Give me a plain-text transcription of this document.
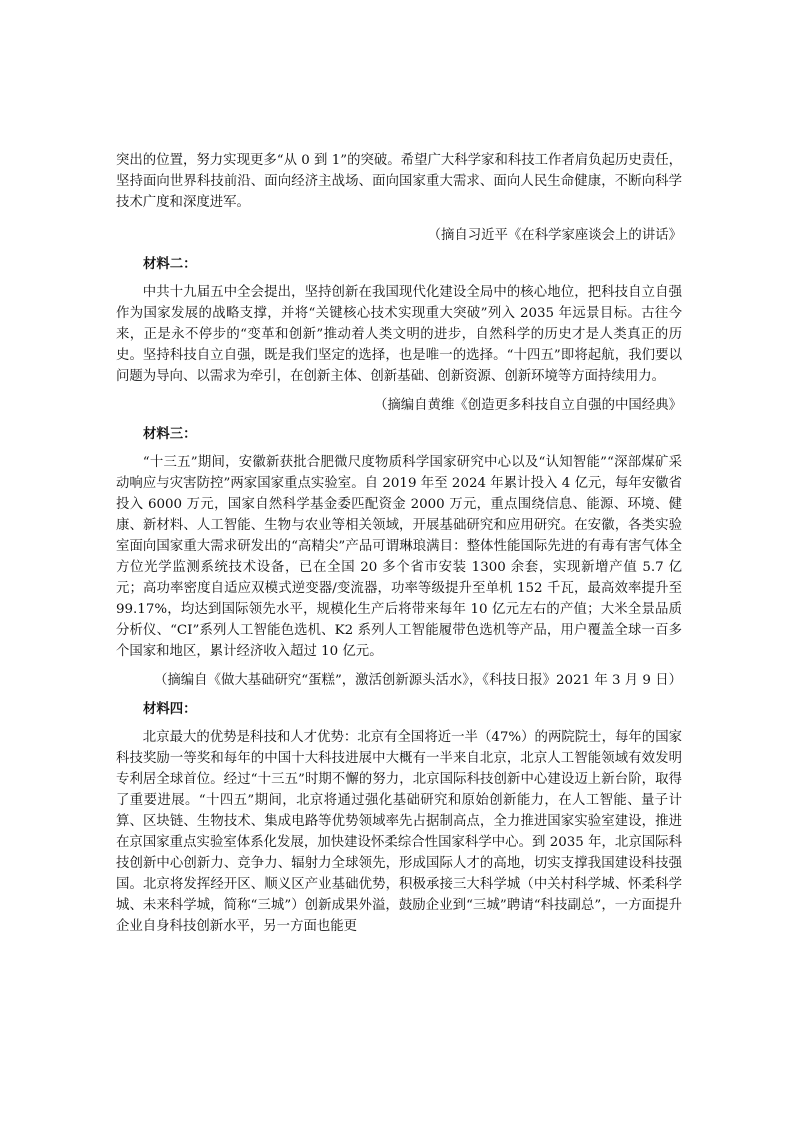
突出的位置，努力实现更多“从 0 到 1”的突破。希望广大科学家和科技工作者肩负起历史责任，坚持面向世界科技前沿、面向经济主战场、面向国家重大需求、面向人民生命健康，不断向科学技术广度和深度进军。

（摘自习近平《在科学家座谈会上的讲话》

材料二：

中共十九届五中全会提出，坚持创新在我国现代化建设全局中的核心地位，把科技自立自强作为国家发展的战略支撑，并将“关键核心技术实现重大突破”列入 2035 年远景目标。古往今来，正是永不停步的“变革和创新”推动着人类文明的进步，自然科学的历史才是人类真正的历史。坚持科技自立自强，既是我们坚定的选择，也是唯一的选择。“十四五”即将起航，我们要以问题为导向、以需求为牵引，在创新主体、创新基础、创新资源、创新环境等方面持续用力。

（摘编自黄维《创造更多科技自立自强的中国经典》

材料三：

“十三五”期间，安徽新获批合肥微尺度物质科学国家研究中心以及“认知智能”“深部煤矿采动响应与灾害防控”两家国家重点实验室。自 2019 年至 2024 年累计投入 4 亿元，每年安徽省投入 6000 万元，国家自然科学基金委匹配资金 2000 万元，重点围绕信息、能源、环境、健康、新材料、人工智能、生物与农业等相关领域，开展基础研究和应用研究。在安徽，各类实验室面向国家重大需求研发出的“高精尖”产品可谓琳琅满目：整体性能国际先进的有毒有害气体全方位光学监测系统技术设备，已在全国 20 多个省市安装 1300 余套，实现新增产值 5.7 亿元；高功率密度自适应双模式逆变器/变流器，功率等级提升至单机 152 千瓦，最高效率提升至 99.17%，均达到国际领先水平，规模化生产后将带来每年 10 亿元左右的产值；大米全景品质分析仪、“CI”系列人工智能色选机、K2 系列人工智能履带色选机等产品，用户覆盖全球一百多个国家和地区，累计经济收入超过 10 亿元。

（摘编自《做大基础研究“蛋糕”，激活创新源头活水》，《科技日报》2021 年 3 月 9 日）

材料四：

北京最大的优势是科技和人才优势：北京有全国将近一半（47%）的两院院士，每年的国家科技奖励一等奖和每年的中国十大科技进展中大概有一半来自北京，北京人工智能领域有效发明专利居全球首位。经过“十三五”时期不懈的努力，北京国际科技创新中心建设迈上新台阶，取得了重要进展。“十四五”期间，北京将通过强化基础研究和原始创新能力，在人工智能、量子计算、区块链、生物技术、集成电路等优势领域率先占据制高点，全力推进国家实验室建设，推进在京国家重点实验室体系化发展，加快建设怀柔综合性国家科学中心。到 2035 年，北京国际科技创新中心创新力、竞争力、辐射力全球领先，形成国际人才的高地，切实支撑我国建设科技强国。北京将发挥经开区、顺义区产业基础优势，积极承接三大科学城（中关村科学城、怀柔科学城、未来科学城，简称“三城”）创新成果外溢，鼓励企业到“三城”聘请“科技副总”，一方面提升企业自身科技创新水平，另一方面也能更
